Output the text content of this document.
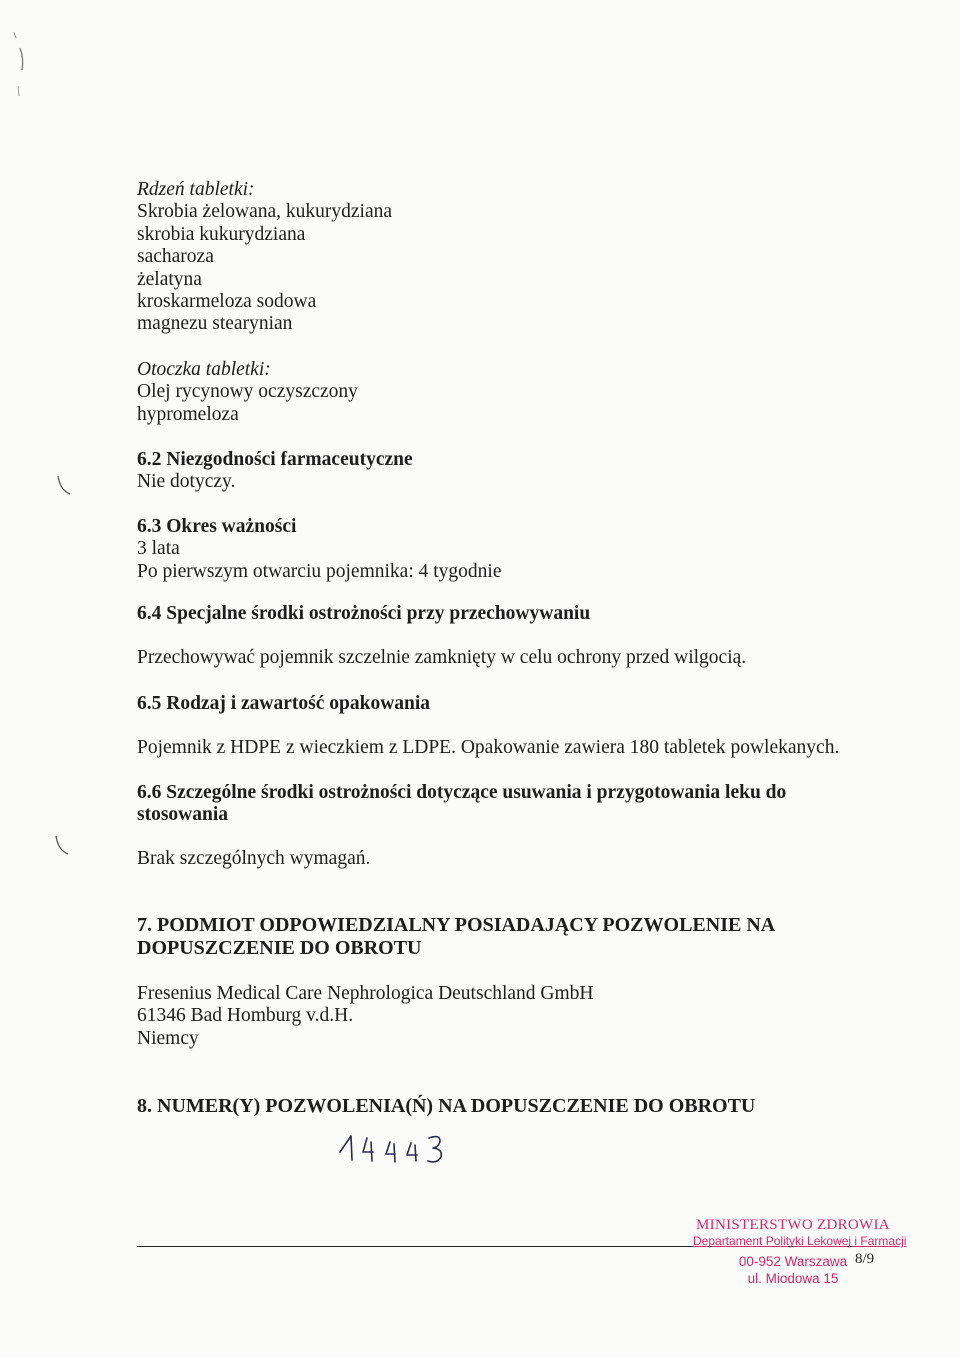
Rdzeń tabletki:
Skrobia żelowana, kukurydziana
skrobia kukurydziana
sacharoza
żelatyna
kroskarmeloza sodowa
magnezu stearynian
Otoczka tabletki:
Olej rycynowy oczyszczony
hypromeloza
6.2 Niezgodności farmaceutyczne
Nie dotyczy.
6.3 Okres ważności
3 lata
Po pierwszym otwarciu pojemnika: 4 tygodnie
6.4 Specjalne środki ostrożności przy przechowywaniu
Przechowywać pojemnik szczelnie zamknięty w celu ochrony przed wilgocią.
6.5 Rodzaj i zawartość opakowania
Pojemnik z HDPE z wieczkiem z LDPE. Opakowanie zawiera 180 tabletek powlekanych.
6.6 Szczególne środki ostrożności dotyczące usuwania i przygotowania leku do
stosowania
Brak szczególnych wymagań.
7. PODMIOT ODPOWIEDZIALNY POSIADAJĄCY POZWOLENIE NA
DOPUSZCZENIE DO OBROTU
Fresenius Medical Care Nephrologica Deutschland GmbH
61346 Bad Homburg v.d.H.
Niemcy
8. NUMER(Y) POZWOLENIA(Ń) NA DOPUSZCZENIE DO OBROTU
MINISTERSTWO ZDROWIA
Departament Polityki Lekowej i Farmacji
00-952 Warszawa
ul. Miodowa 15
8/9
